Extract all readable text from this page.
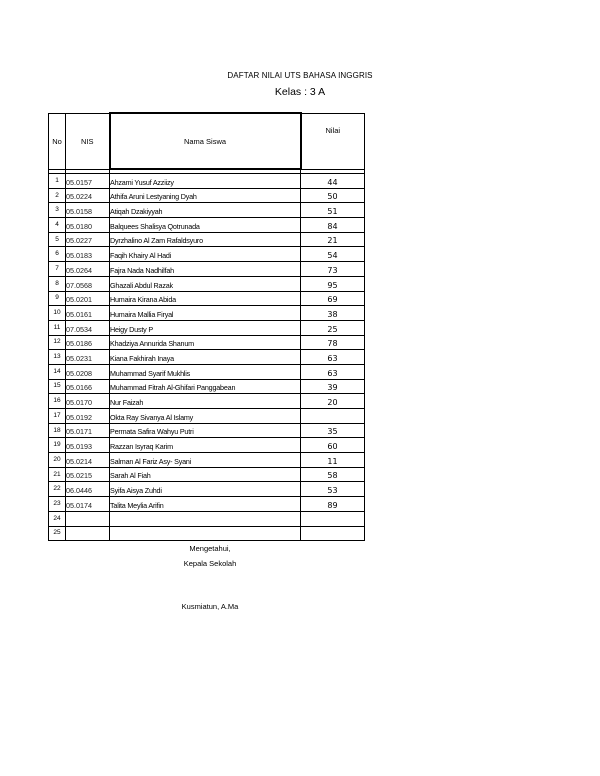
DAFTAR NILAI UTS BAHASA INGGRIS
Kelas : 3 A
No	NIS	Nama Siswa	Nilai

1	05.0157	Ahzami Yusuf Azziizy	44
2	05.0224	Athifa Aruni Lestyaning Dyah	50
3	05.0158	Atiqah Dzakiyyah	51
4	05.0180	Balquees Shalisya Qotrunada	84
5	05.0227	Dyrzhalino Al Zam Rafaldsyuro	21
6	05.0183	Faqih Khairy Al Hadi	54
7	05.0264	Fajra Nada Nadhilfah	73
8	07.0568	Ghazali Abdul Razak	95
9	05.0201	Humaira Kirana Abida	69
10	05.0161	Humaira Mallia Firyal	38
11	07.0534	Heigy Dusty P	25
12	05.0186	Khadziya Annurida Shanum	78
13	05.0231	Kiana Fakhirah Inaya	63
14	05.0208	Muhammad Syarif Mukhlis	63
15	05.0166	Muhammad Fitrah Al-Ghifari Panggabean	39
16	05.0170	Nur Faizah	20
17	05.0192	Okta Ray Sivanya Al Islamy	
18	05.0171	Permata Safira Wahyu Putri	35
19	05.0193	Razzan Isyraq Karim	60
20	05.0214	Salman Al Fariz Asy- Syani	11
21	05.0215	Sarah Al Fiah	58
22	06.0446	Syifa Aisya Zuhdi	53
23	05.0174	Talita Meylia Arifin	89
24			
25			
Mengetahui,
Kepala Sekolah
Kusmiatun, A.Ma
